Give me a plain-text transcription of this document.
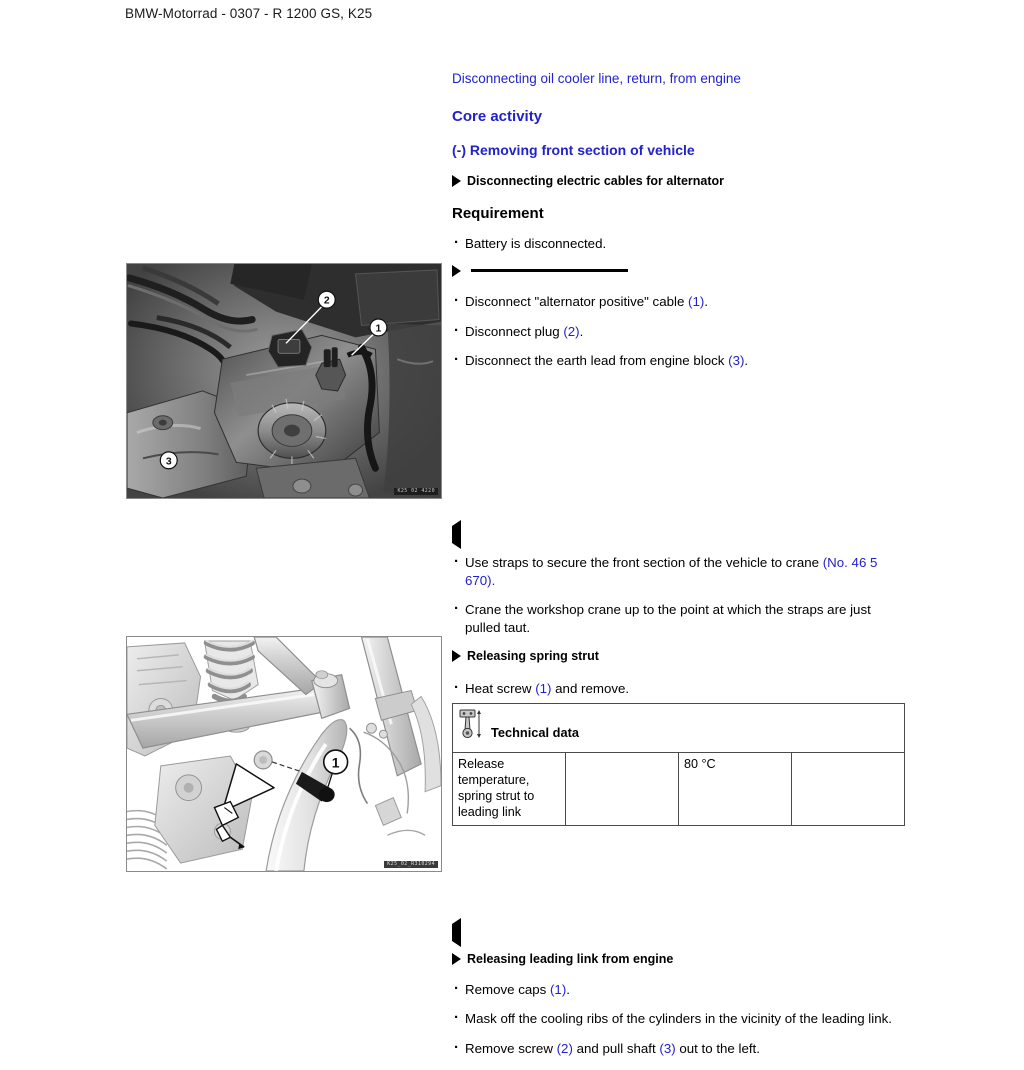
BMW-Motorrad - 0307 - R 1200 GS, K25
2
1
3
K25 02 4220
1
K25_02_R310294

Disconnecting oil cooler line, return, from engine

Core activity
(-) Removing front section of vehicle
Disconnecting electric cables for alternator
Requirement

· Battery is disconnected.

· Disconnect "alternator positive" cable (1).

· Disconnect plug (2).

· Disconnect the earth lead from engine block (3).

· Use straps to secure the front section of the vehicle to crane (No. 46 5 670).

· Crane the workshop crane up to the point at which the straps are just pulled taut.

Releasing spring strut

· Heat screw (1) and remove.

Technical data

Release temperature, spring strut to leading link		80 °C	
Releasing leading link from engine

· Remove caps (1).

· Mask off the cooling ribs of the cylinders in the vicinity of the leading link.

· Remove screw (2) and pull shaft (3) out to the left.
